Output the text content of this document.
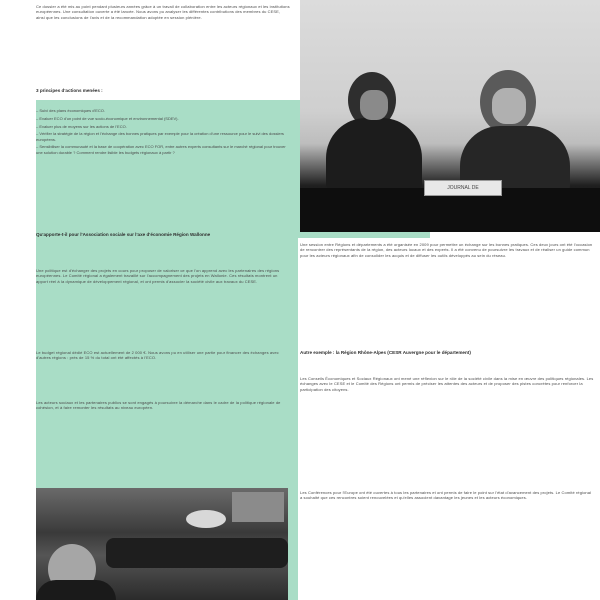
Ce dossier a été mis au point pendant plusieurs années grâce à un travail de collaboration entre les acteurs régionaux et les institutions européennes. Une consultation ouverte a été lancée. Nous avons pu analyser les différentes contributions des membres du CESE, ainsi que les conclusions de l'avis et de la recommandation adoptée en session plénière.
3 principes d'actions menées :
– Suivi des plans économiques d'ECO.
– Evaluer ECO d'un point de vue socio-économique et environnemental (SDEV).
– Evaluer plus de moyens sur les actions de l'ECO.
– Vérifier la stratégie de la région et l'échange des bonnes pratiques par exemple pour la création d'une ressource pour le suivi des dossiers européens.
– Sensibiliser la communauté et la base de coopération avec ECO FOR, entre autres experts consultants sur le marché régional pour trouver une solution durable ? Comment rendre lisible les budgets régionaux à partir ?
Qu'apporte-t-il pour l'Association sociale sur l'axe d'économie Région Wallonne
Une politique est d'échanger des projets en cours pour proposer de valoriser ce que l'on apprend avec les partenaires des régions européennes. Le Comité régional a également travaillé sur l'accompagnement des projets en Wallonie. Ces résultats montrent un apport réel à la dynamique de développement régional, et ont permis d'associer la société civile aux travaux du CESE.
Le budget régional dédié ECO est actuellement de 2 000 €. Nous avons pu en utiliser une partie pour financer des échanges avec d'autres régions : près de 15 % du total ont été affectés à l'ECO.
Les acteurs sociaux et les partenaires publics se sont engagés à poursuivre la démarche dans le cadre de la politique régionale de cohésion, et à faire remonter les résultats au niveau européen.
JOURNAL DE
Une session entre Régions et départements a été organisée en 2009 pour permettre un échange sur les bonnes pratiques. Ces deux jours ont été l'occasion de rencontrer des représentants de la région, des acteurs locaux et des experts. Il a été convenu de poursuivre les travaux et de réaliser un guide commun pour les acteurs régionaux afin de consolider les acquis et de diffuser les outils développés au sein du réseau.
Autre exemple : la Région Rhône-Alpes (CESR Auvergne pour le département)
Les Conseils Économiques et Sociaux Régionaux ont mené une réflexion sur le rôle de la société civile dans la mise en œuvre des politiques régionales. Les échanges avec le CESE et le Comité des Régions ont permis de préciser les attentes des acteurs et de proposer des pistes concrètes pour renforcer la participation des citoyens.
Les Conférences pour l'Europe ont été ouvertes à tous les partenaires et ont permis de faire le point sur l'état d'avancement des projets. Le Comité régional a souhaité que ces rencontres soient renouvelées et qu'elles associent davantage les jeunes et les acteurs économiques.
